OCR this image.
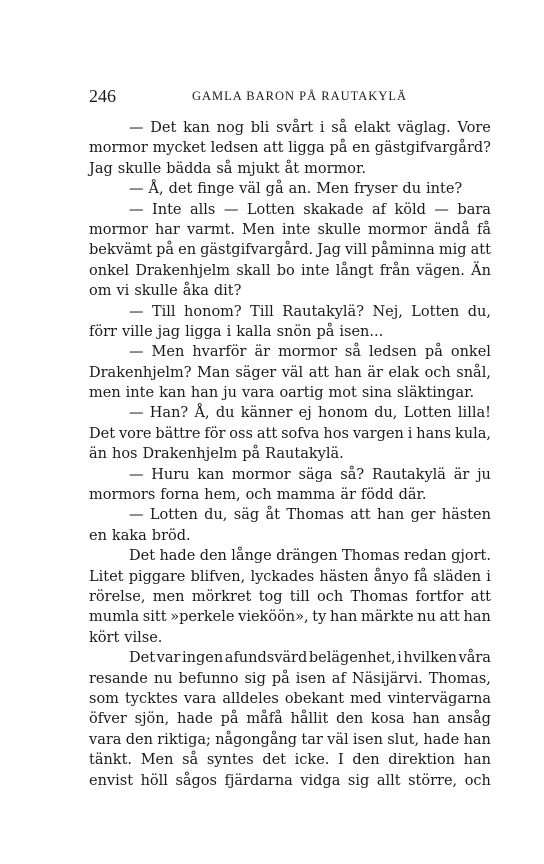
246	GAMLA BARON PÅ RAUTAKYLÄ
— Det kan nog bli svårt i så elakt väglag. Vore
mormor mycket ledsen att ligga på en gästgifvargård?
Jag skulle bädda så mjukt åt mormor.
— Å, det finge väl gå an. Men fryser du inte?
— Inte alls — Lotten skakade af köld — bara
mormor har varmt. Men inte skulle mormor ändå få
bekvämt på en gästgifvargård. Jag vill påminna mig att
onkel Drakenhjelm skall bo inte långt från vägen. Än
om vi skulle åka dit?
— Till honom? Till Rautakylä? Nej, Lotten du,
förr ville jag ligga i kalla snön på isen...
— Men hvarför är mormor så ledsen på onkel
Drakenhjelm? Man säger väl att han är elak och snål,
men inte kan han ju vara oartig mot sina släktingar.
— Han? Å, du känner ej honom du, Lotten lilla!
Det vore bättre för oss att sofva hos vargen i hans kula,
än hos Drakenhjelm på Rautakylä.
— Huru kan mormor säga så? Rautakylä är ju
mormors forna hem, och mamma är född där.
— Lotten du, säg åt Thomas att han ger hästen
en kaka bröd.
Det hade den långe drängen Thomas redan gjort.
Litet piggare blifven, lyckades hästen ånyo få släden i
rörelse, men mörkret tog till och Thomas fortfor att
mumla sitt »perkele vieköön», ty han märkte nu att han
kört vilse.
Det var ingen afundsvärd belägenhet, i hvilken våra
resande nu befunno sig på isen af Näsijärvi. Thomas,
som tycktes vara alldeles obekant med vintervägarna
öfver sjön, hade på måfå hållit den kosa han ansåg
vara den riktiga; någongång tar väl isen slut, hade han
tänkt. Men så syntes det icke. I den direktion han
envist höll sågos fjärdarna vidga sig allt större, och
